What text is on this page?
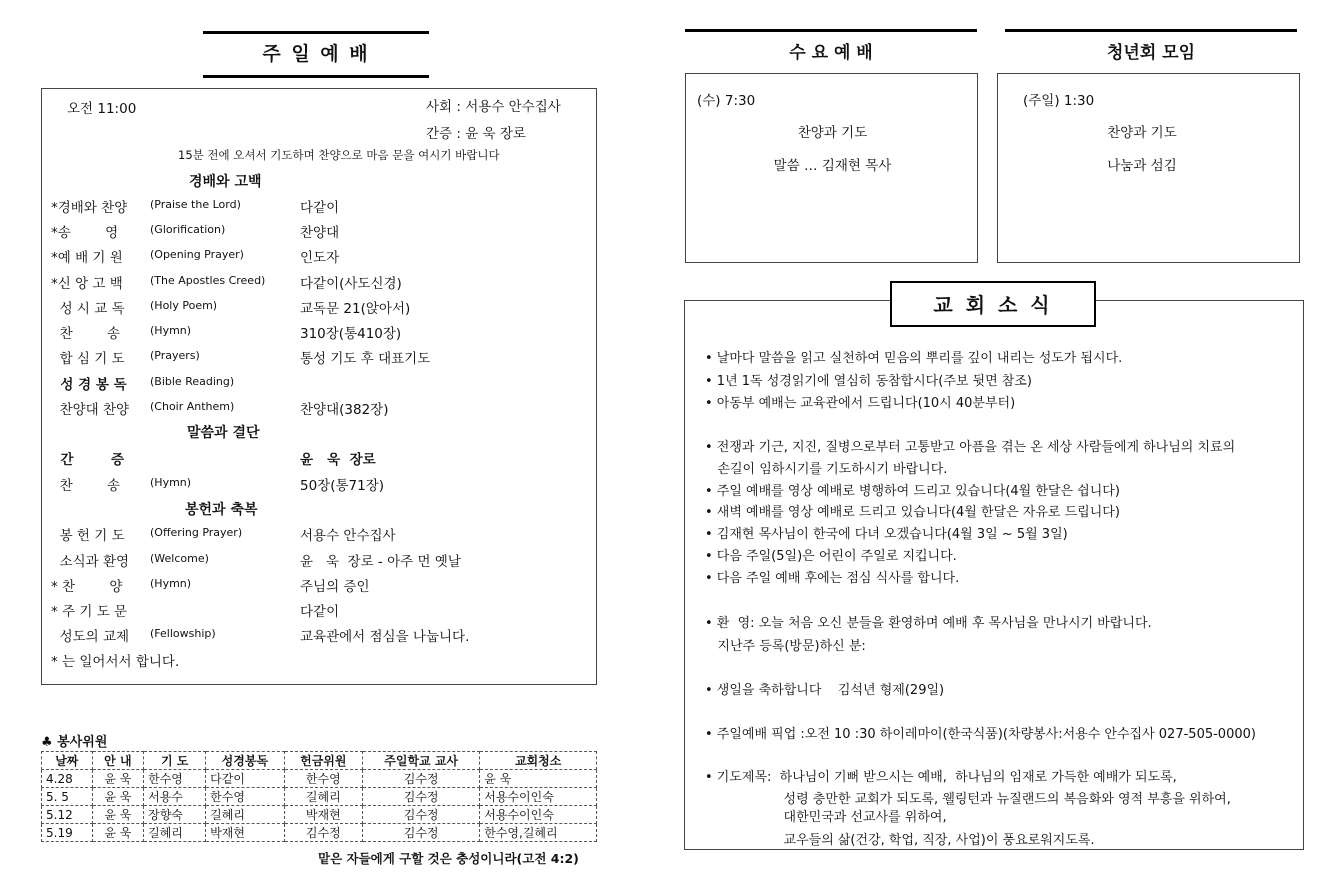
주 일 예 배
오전 11:00	사회 : 서용수 안수집사
간증 : 윤 욱 장로
15분 전에 오셔서 기도하며 찬양으로 마음 문을 여시기 바랍니다
경배와 고백
*경배와 찬양 (Praise the Lord)	다같이
*송        영	(Glorification)	찬양대
*예 배 기 원 (Opening Prayer)	인도자
*신 앙 고 백 (The Apostles Creed)	다같이(사도신경)
성 시 교 독 (Holy Poem)	교독문 21(앉아서)
찬        송	(Hymn)	310장(통410장)
합 심 기 도 (Prayers)	통성 기도 후 대표기도
성 경 봉 독 (Bible Reading)
찬양대 찬양 (Choir Anthem)	찬양대(382장)
간        증	윤   욱  장로
찬        송	(Hymn)	50장(통71장)
봉 헌 기 도 (Offering Prayer)	서용수 안수집사
소식과 환영 (Welcome)	윤   욱  장로 - 아주 먼 옛날
* 찬        양	(Hymn)	주님의 증인
* 주 기 도 문	다같이
성도의 교제 (Fellowship)	교육관에서 점심을 나눕니다.
말씀과 결단
봉헌과 축복
* 는 일어서서 합니다.
♣ 봉사위원
날짜	안 내	기 도	성경봉독	헌금위원	주일학교 교사	교회청소
4.28	윤 욱	한수영	다같이	한수영	김수정	윤 욱
5. 5	윤 욱	서용수	한수영	길혜리	김수정	서용수이인숙
5.12	윤 욱	장향숙	길혜리	박재현	김수정	서용수이인숙
5.19	윤 욱	길혜리	박재현	김수정	김수정	한수영,길혜리
맡은 자들에게 구할 것은 충성이니라(고전 4:2)
수 요 예 배
(수) 7:30
찬양과 기도
말씀 … 김재현 목사
청년회 모임
(주일) 1:30
찬양과 기도
나눔과 섬김
교 회 소 식
• 날마다 말씀을 읽고 실천하여 믿음의 뿌리를 깊이 내리는 성도가 됩시다.
• 1년 1독 성경읽기에 열심히 동참합시다(주보 뒷면 참조)
• 아동부 예배는 교육관에서 드립니다(10시 40분부터)
• 전쟁과 기근, 지진, 질병으로부터 고통받고 아픔을 겪는 온 세상 사람들에게 하나님의 치료의
손길이 임하시기를 기도하시기 바랍니다.
• 주일 예배를 영상 예배로 병행하여 드리고 있습니다(4월 한달은 쉽니다)
• 새벽 예배를 영상 예배로 드리고 있습니다(4월 한달은 자유로 드립니다)
• 김재현 목사님이 한국에 다녀 오겠습니다(4월 3일 ~ 5월 3일)
• 다음 주일(5일)은 어린이 주일로 지킵니다.
• 다음 주일 예배 후에는 점심 식사를 합니다.
• 환  영: 오늘 처음 오신 분들을 환영하며 예배 후 목사님을 만나시기 바랍니다.
지난주 등록(방문)하신 분:
• 생일을 축하합니다    김석년 형제(29일)
• 주일예배 픽업 :오전 10 :30 하이레마이(한국식품)(차량봉사:서용수 안수집사 027-505-0000)
• 기도제목:  하나님이 기뻐 받으시는 예배,  하나님의 임재로 가득한 예배가 되도록,
성령 충만한 교회가 되도록, 웰링턴과 뉴질랜드의 복음화와 영적 부흥을 위하여,
대한민국과 선교사를 위하여,
교우들의 삶(건강, 학업, 직장, 사업)이 풍요로워지도록.
